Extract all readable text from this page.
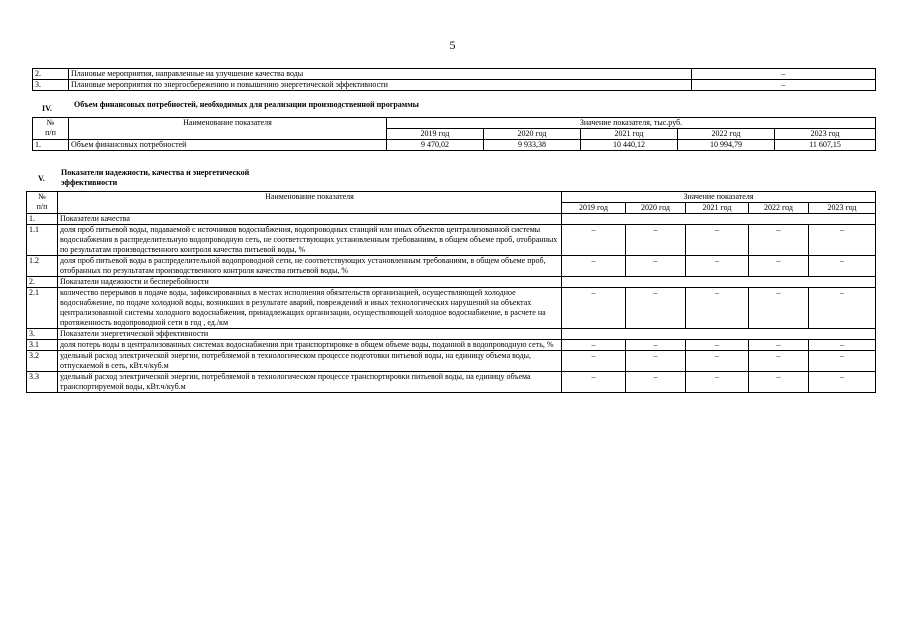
5
2.	Плановые мероприятия, направленные на улучшение качества воды	–
3.	Плановые мероприятия по энергосбережению и повышению энергетической эффективности	–
IV.	Объем финансовых потребностей, необходимых для реализации производственной программы
№
п/п	Наименование показателя	Значение показателя, тыс.руб.				
		2019 год	2020 год	2021 год	2022 год	2023 год
1.	Объем финансовых потребностей	9 470,02	9 933,38	10 440,12	10 994,79	11 607,15
V.
Показатели надежности, качества и энергетической
эффективности
№
п/п	Наименование показателя	Значение показателя				
		2019 год	2020 год	2021 год	2022 год	2023 год
1.	Показатели качества					
1.1	доля проб питьевой воды, подаваемой с источников водоснабжения, водопроводных станций или иных объектов централизованной системы водоснабжения в распределительную водопроводную сеть, не соответствующих установленным требованиям, в общем объеме проб, отобранных по результатам производственного контроля качества питьевой воды, %	–	–	–	–	–
1.2	доля проб питьевой воды в распределительной водопроводной сети, не соответствующих установленным требованиям, в общем объеме проб, отобранных по результатам производственного контроля качества питьевой воды, %	–	–	–	–	–
2.	Показатели надежности и бесперебойности					
2.1	количество перерывов в подаче воды, зафиксированных в местах исполнения обязательств организацией, осуществляющей холодное водоснабжение, по подаче холодной воды, возникших в результате аварий, повреждений и иных технологических нарушений на объектах централизованной системы холодного водоснабжения, принадлежащих организации, осуществляющей холодное водоснабжение, в расчете на протяженность водопроводной сети в год , ед./км	–	–	–	–	–
3.	Показатели энергетической эффективности					
3.1	доля потерь воды в централизованных системах водоснабжения при транспортировке в общем объеме воды, поданной в водопроводную сеть, %	–	–	–	–	–
3.2	удельный расход электрической энергии, потребляемой в технологическом процессе подготовки питьевой воды, на единицу объема воды, отпускаемой в сеть, кВт.ч/куб.м	–	–	–	–	–
3.3	удельный расход электрической энергии, потребляемой в технологическом процессе транспортировки питьевой воды, на единицу объема транспортируемой воды, кВт.ч/куб.м	–	–	–	–	–
